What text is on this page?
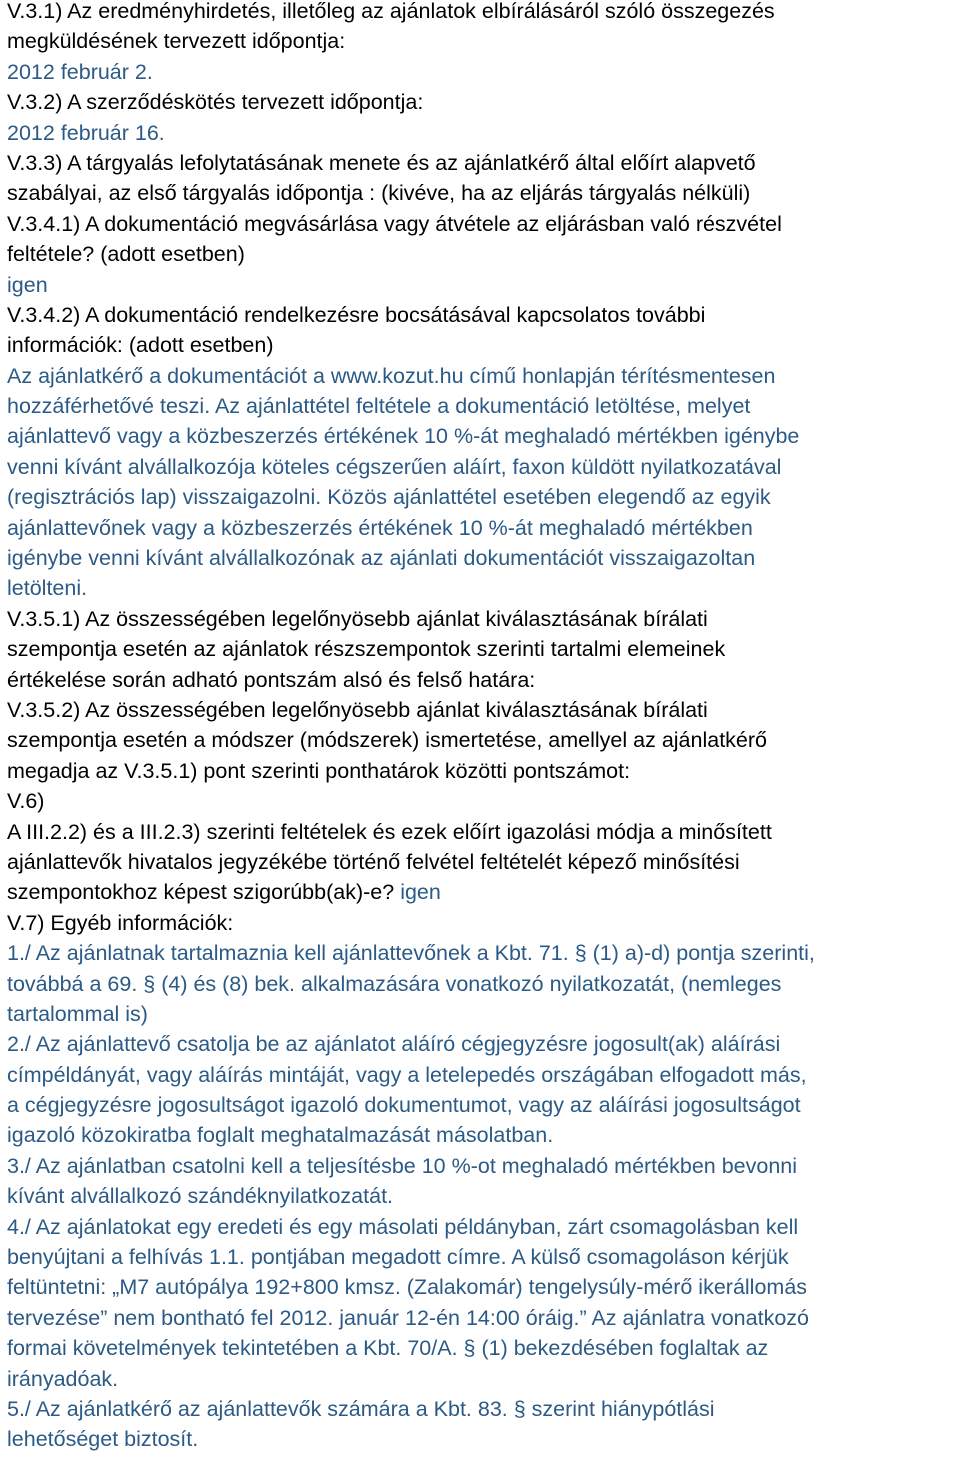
V.3.1) Az eredményhirdetés, illetőleg az ajánlatok elbírálásáról szóló összegezés
megküldésének tervezett időpontja:
2012 február 2.
V.3.2) A szerződéskötés tervezett időpontja:
2012 február 16.
V.3.3) A tárgyalás lefolytatásának menete és az ajánlatkérő által előírt alapvető
szabályai, az első tárgyalás időpontja : (kivéve, ha az eljárás tárgyalás nélküli)
V.3.4.1) A dokumentáció megvásárlása vagy átvétele az eljárásban való részvétel
feltétele? (adott esetben)
igen
V.3.4.2) A dokumentáció rendelkezésre bocsátásával kapcsolatos további
információk: (adott esetben)
Az ajánlatkérő a dokumentációt a www.kozut.hu című honlapján térítésmentesen
hozzáférhetővé teszi. Az ajánlattétel feltétele a dokumentáció letöltése, melyet
ajánlattevő vagy a közbeszerzés értékének 10 %-át meghaladó mértékben igénybe
venni kívánt alvállalkozója köteles cégszerűen aláírt, faxon küldött nyilatkozatával
(regisztrációs lap) visszaigazolni. Közös ajánlattétel esetében elegendő az egyik
ajánlattevőnek vagy a közbeszerzés értékének 10 %-át meghaladó mértékben
igénybe venni kívánt alvállalkozónak az ajánlati dokumentációt visszaigazoltan
letölteni.
V.3.5.1) Az összességében legelőnyösebb ajánlat kiválasztásának bírálati
szempontja esetén az ajánlatok részszempontok szerinti tartalmi elemeinek
értékelése során adható pontszám alsó és felső határa:
V.3.5.2) Az összességében legelőnyösebb ajánlat kiválasztásának bírálati
szempontja esetén a módszer (módszerek) ismertetése, amellyel az ajánlatkérő
megadja az V.3.5.1) pont szerinti ponthatárok közötti pontszámot:
V.6)
A III.2.2) és a III.2.3) szerinti feltételek és ezek előírt igazolási módja a minősített
ajánlattevők hivatalos jegyzékébe történő felvétel feltételét képező minősítési
szempontokhoz képest szigorúbb(ak)-e? igen
V.7) Egyéb információk:
1./ Az ajánlatnak tartalmaznia kell ajánlattevőnek a Kbt. 71. § (1) a)-d) pontja szerinti,
továbbá a 69. § (4) és (8) bek. alkalmazására vonatkozó nyilatkozatát, (nemleges
tartalommal is)
2./ Az ajánlattevő csatolja be az ajánlatot aláíró cégjegyzésre jogosult(ak) aláírási
címpéldányát, vagy aláírás mintáját, vagy a letelepedés országában elfogadott más,
a cégjegyzésre jogosultságot igazoló dokumentumot, vagy az aláírási jogosultságot
igazoló közokiratba foglalt meghatalmazását másolatban.
3./ Az ajánlatban csatolni kell a teljesítésbe 10 %-ot meghaladó mértékben bevonni
kívánt alvállalkozó szándéknyilatkozatát.
4./ Az ajánlatokat egy eredeti és egy másolati példányban, zárt csomagolásban kell
benyújtani a felhívás 1.1. pontjában megadott címre. A külső csomagoláson kérjük
feltüntetni: „M7 autópálya 192+800 kmsz. (Zalakomár) tengelysúly-mérő ikerállomás
tervezése” nem bontható fel 2012. január 12-én 14:00 óráig.” Az ajánlatra vonatkozó
formai követelmények tekintetében a Kbt. 70/A. § (1) bekezdésében foglaltak az
irányadóak.
5./ Az ajánlatkérő az ajánlattevők számára a Kbt. 83. § szerint hiánypótlási
lehetőséget biztosít.
